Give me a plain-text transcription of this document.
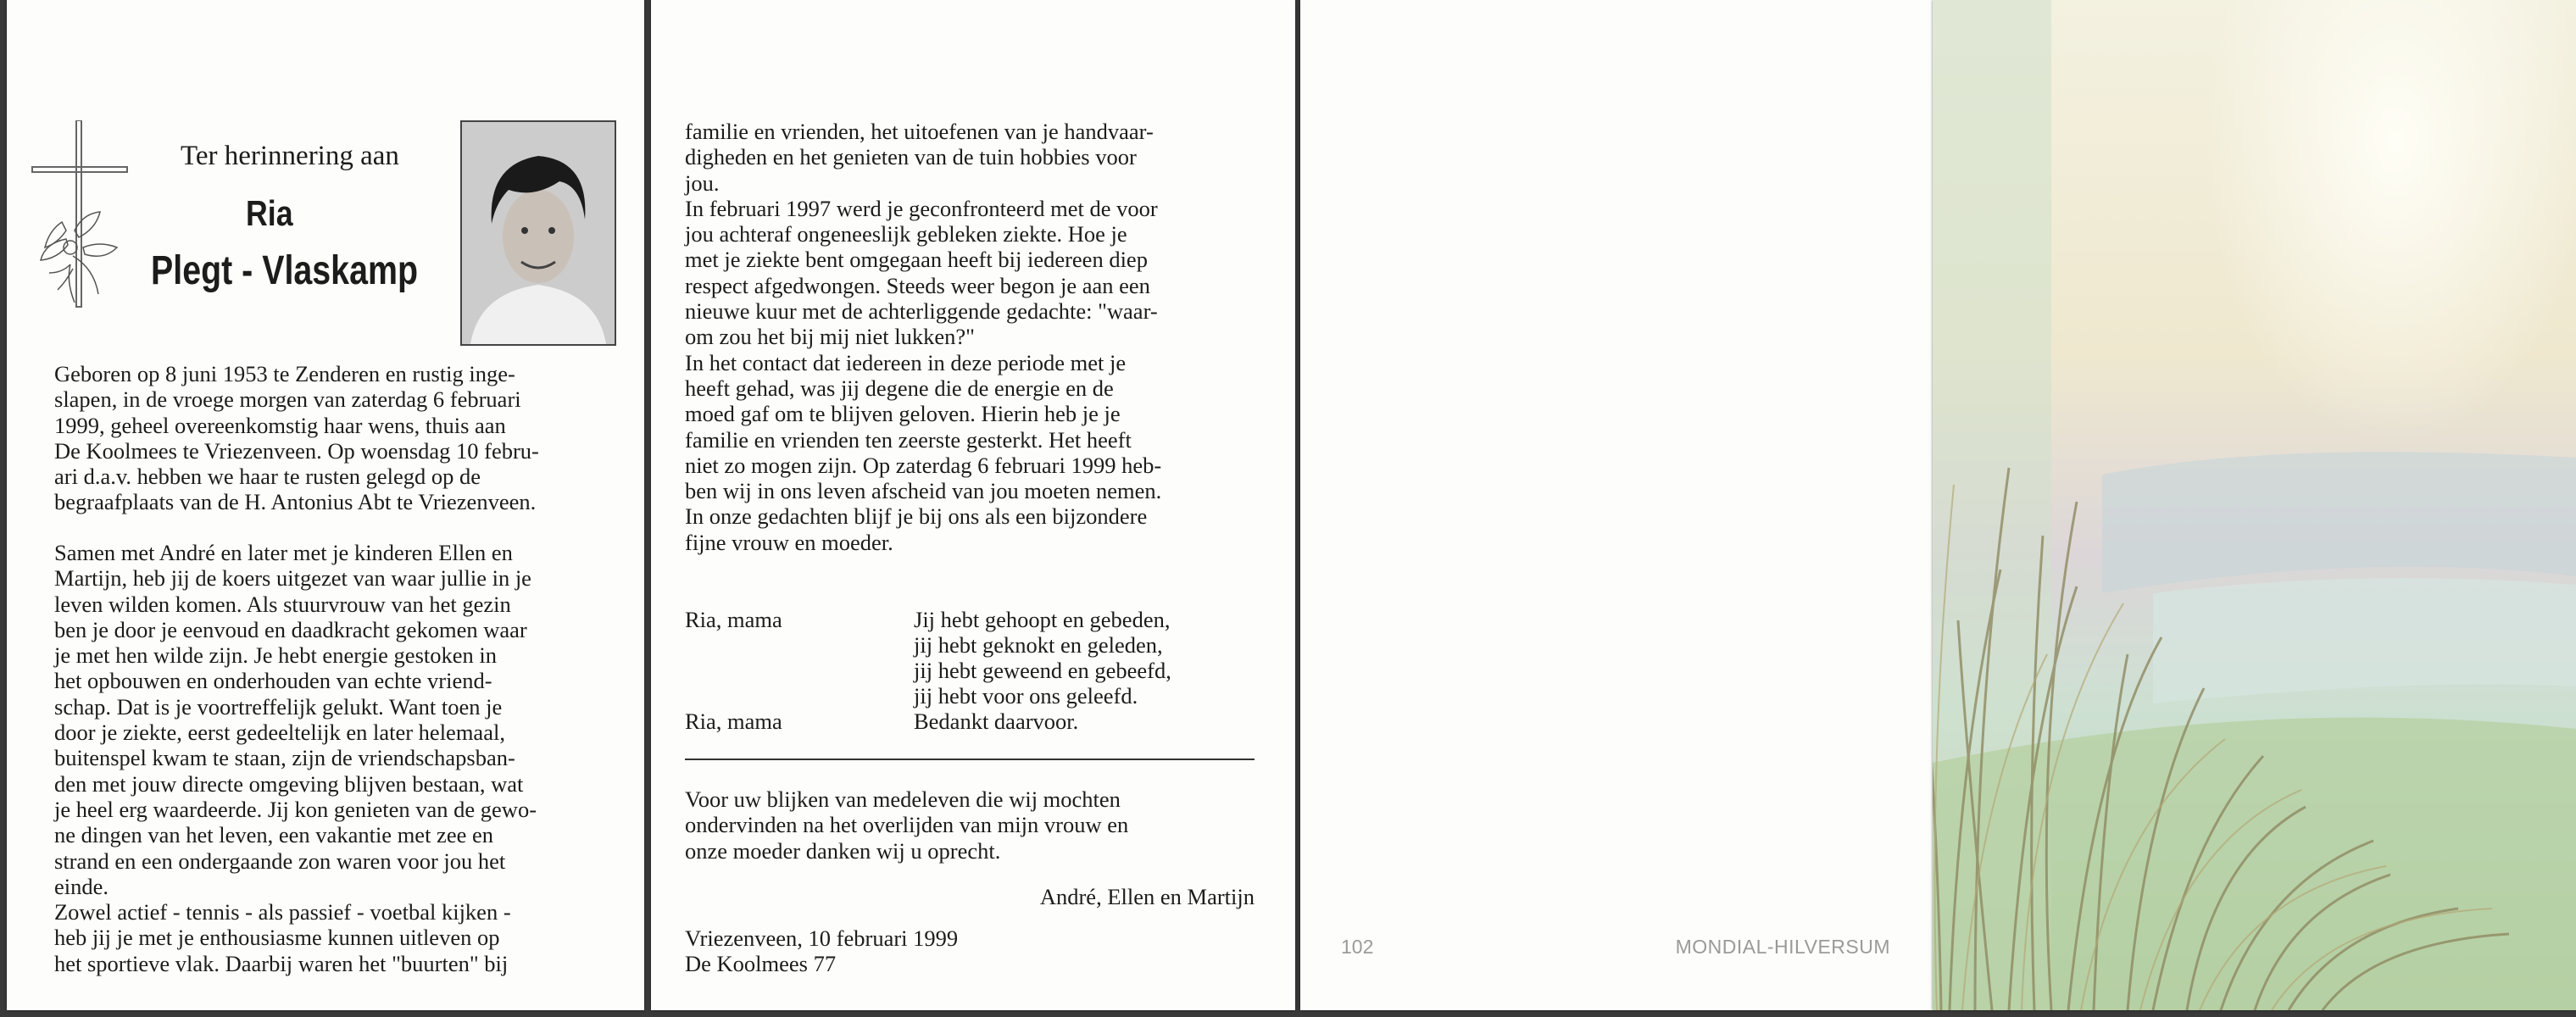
Ter herinnering aan
Ria
Plegt - Vlaskamp

Geboren op 8 juni 1953 te Zenderen en rustig inge-
slapen, in de vroege morgen van zaterdag 6 februari
1999, geheel overeenkomstig haar wens, thuis aan
De Koolmees te Vriezenveen. Op woensdag 10 febru-
ari d.a.v. hebben we haar te rusten gelegd op de
begraafplaats van de H. Antonius Abt te Vriezenveen.

Samen met André en later met je kinderen Ellen en
Martijn, heb jij de koers uitgezet van waar jullie in je
leven wilden komen. Als stuurvrouw van het gezin
ben je door je eenvoud en daadkracht gekomen waar
je met hen wilde zijn. Je hebt energie gestoken in
het opbouwen en onderhouden van echte vriend-
schap. Dat is je voortreffelijk gelukt. Want toen je
door je ziekte, eerst gedeeltelijk en later helemaal,
buitenspel kwam te staan, zijn de vriendschapsban-
den met jouw directe omgeving blijven bestaan, wat
je heel erg waardeerde. Jij kon genieten van de gewo-
ne dingen van het leven, een vakantie met zee en
strand en een ondergaande zon waren voor jou het
einde.
Zowel actief - tennis - als passief - voetbal kijken -
heb jij je met je enthousiasme kunnen uitleven op
het sportieve vlak. Daarbij waren het "buurten" bij

familie en vrienden, het uitoefenen van je handvaar-
digheden en het genieten van de tuin hobbies voor
jou.
In februari 1997 werd je geconfronteerd met de voor
jou achteraf ongeneeslijk gebleken ziekte. Hoe je
met je ziekte bent omgegaan heeft bij iedereen diep
respect afgedwongen. Steeds weer begon je aan een
nieuwe kuur met de achterliggende gedachte: "waar-
om zou het bij mij niet lukken?"
In het contact dat iedereen in deze periode met je
heeft gehad, was jij degene die de energie en de
moed gaf om te blijven geloven. Hierin heb je je
familie en vrienden ten zeerste gesterkt. Het heeft
niet zo mogen zijn. Op zaterdag 6 februari 1999 heb-
ben wij in ons leven afscheid van jou moeten nemen.
In onze gedachten blijf je bij ons als een bijzondere
fijne vrouw en moeder.

Ria, mama
Ria, mama
Jij hebt gehoopt en gebeden,
jij hebt geknokt en geleden,
jij hebt geweend en gebeefd,
jij hebt voor ons geleefd.
Bedankt daarvoor.

Voor uw blijken van medeleven die wij mochten
ondervinden na het overlijden van mijn vrouw en
onze moeder danken wij u oprecht.

André, Ellen en Martijn
Vriezenveen, 10 februari 1999
De Koolmees 77
102	MONDIAL-HILVERSUM
